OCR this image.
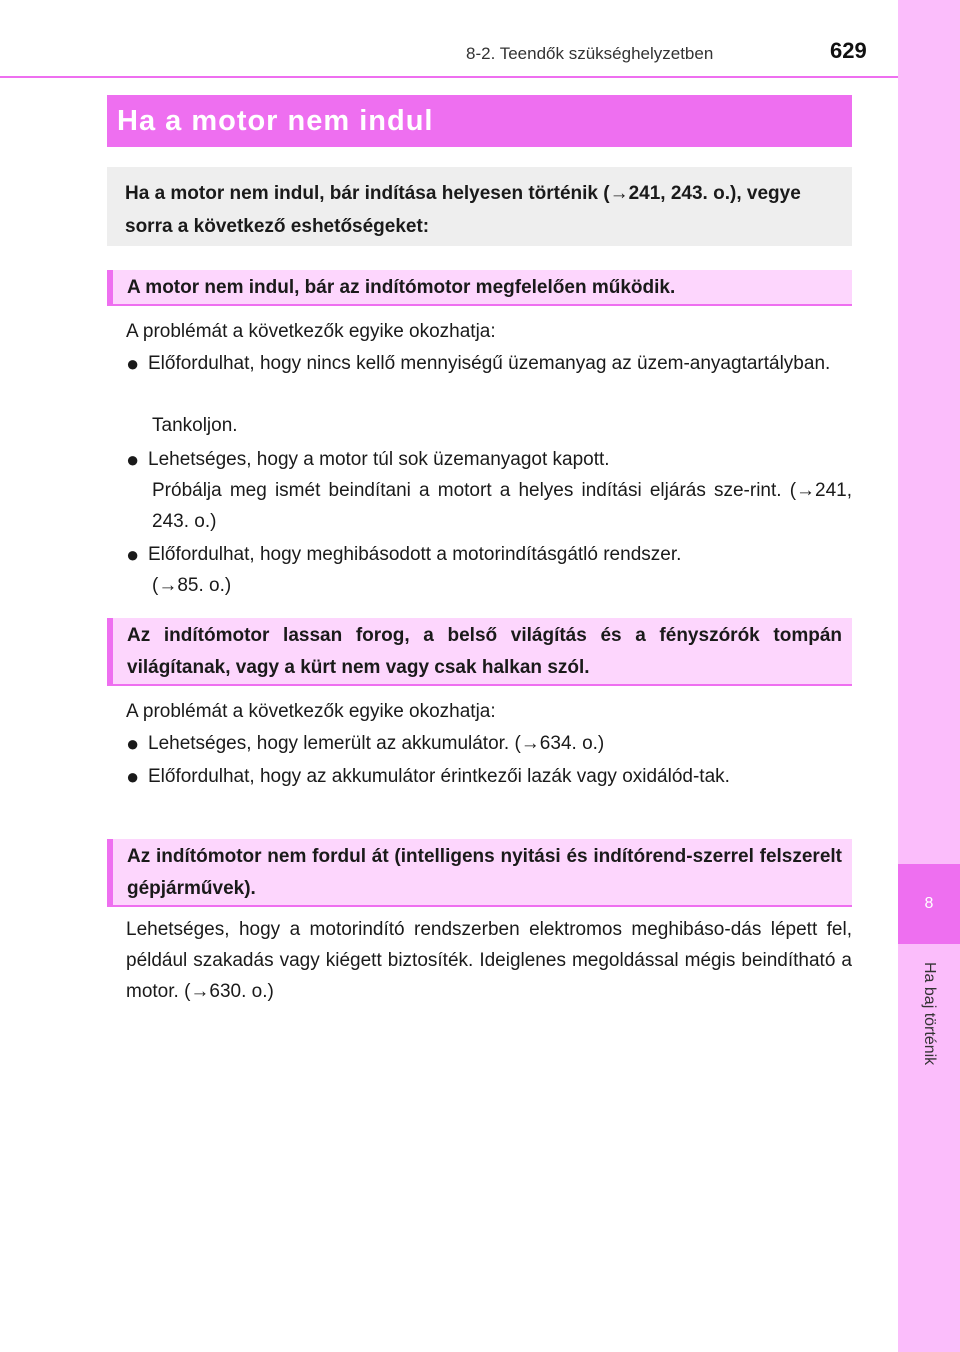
8
Ha baj történik
8-2. Teendők szükséghelyzetben	629
Ha a motor nem indul
Ha a motor nem indul, bár indítása helyesen történik (→241, 243. o.), vegye sorra a következő eshetőségeket:
A motor nem indul, bár az indítómotor megfelelően működik.
A problémát a következők egyike okozhatja:
● Előfordulhat, hogy nincs kellő mennyiségű üzemanyag az üzem-anyagtartályban.
Tankoljon.
● Lehetséges, hogy a motor túl sok üzemanyagot kapott.
Próbálja meg ismét beindítani a motort a helyes indítási eljárás sze-rint. (→241, 243. o.)
● Előfordulhat, hogy meghibásodott a motorindításgátló rendszer.
(→85. o.)
Az indítómotor lassan forog, a belső világítás és a fényszórók tompán világítanak, vagy a kürt nem vagy csak halkan szól.
A problémát a következők egyike okozhatja:
● Lehetséges, hogy lemerült az akkumulátor. (→634. o.)
● Előfordulhat, hogy az akkumulátor érintkezői lazák vagy oxidálód-tak.
Az indítómotor nem fordul át (intelligens nyitási és indítórend-szerrel felszerelt gépjárművek).
Lehetséges, hogy a motorindító rendszerben elektromos meghibáso-dás lépett fel, például szakadás vagy kiégett biztosíték. Ideiglenes megoldással mégis beindítható a motor. (→630. o.)
